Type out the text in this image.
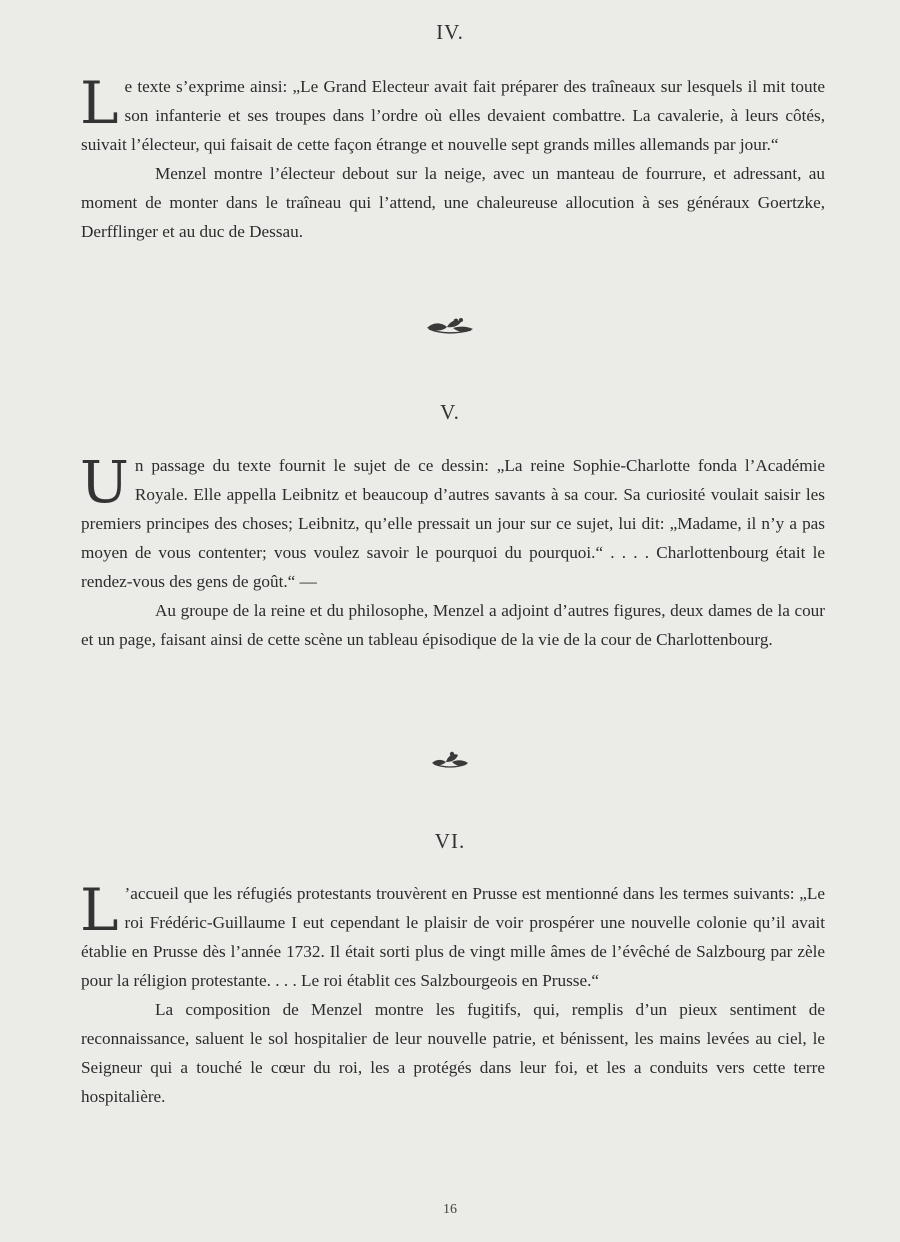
IV.

Le texte s’exprime ainsi: „Le Grand Electeur avait fait préparer des traîneaux sur lesquels il mit toute son infanterie et ses troupes dans l’ordre où elles devaient combattre. La cavalerie, à leurs côtés, suivait l’électeur, qui faisait de cette façon étrange et nouvelle sept grands milles allemands par jour.“

Menzel montre l’électeur debout sur la neige, avec un manteau de fourrure, et adressant, au moment de monter dans le traîneau qui l’attend, une chaleureuse allocution à ses généraux Goertzke, Derfflinger et au duc de Dessau.

V.

Un passage du texte fournit le sujet de ce dessin: „La reine Sophie-Charlotte fonda l’Académie Royale. Elle appella Leibnitz et beaucoup d’autres savants à sa cour. Sa curiosité voulait saisir les premiers principes des choses; Leibnitz, qu’elle pressait un jour sur ce sujet, lui dit: „Madame, il n’y a pas moyen de vous contenter; vous voulez savoir le pourquoi du pourquoi.“ . . . . Charlottenbourg était le rendez-vous des gens de goût.“ —

Au groupe de la reine et du philosophe, Menzel a adjoint d’autres figures, deux dames de la cour et un page, faisant ainsi de cette scène un tableau épisodique de la vie de la cour de Charlottenbourg.

VI.

L ’accueil que les réfugiés protestants trouvèrent en Prusse est mentionné dans les termes suivants: „Le roi Frédéric-Guillaume I eut cependant le plaisir de voir prospérer une nouvelle colonie qu’il avait établie en Prusse dès l’année 1732. Il était sorti plus de vingt mille âmes de l’évêché de Salzbourg par zèle pour la réligion protestante. . . . Le roi établit ces Salzbourgeois en Prusse.“

La composition de Menzel montre les fugitifs, qui, remplis d’un pieux sentiment de reconnaissance, saluent le sol hospitalier de leur nouvelle patrie, et bénissent, les mains levées au ciel, le Seigneur qui a touché le cœur du roi, les a protégés dans leur foi, et les a conduits vers cette terre hospitalière.

16
